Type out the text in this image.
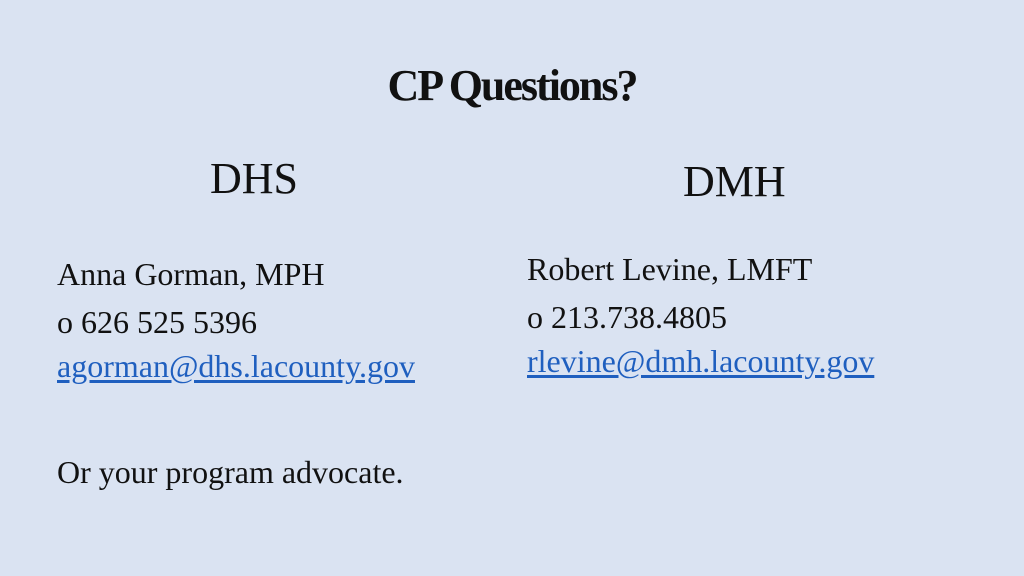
CP Questions?
DHS	DMH
Anna Gorman, MPH
o 626 525 5396
agorman@dhs.lacounty.gov
Robert Levine, LMFT
o 213.738.4805
rlevine@dmh.lacounty.gov
Or your program advocate.
